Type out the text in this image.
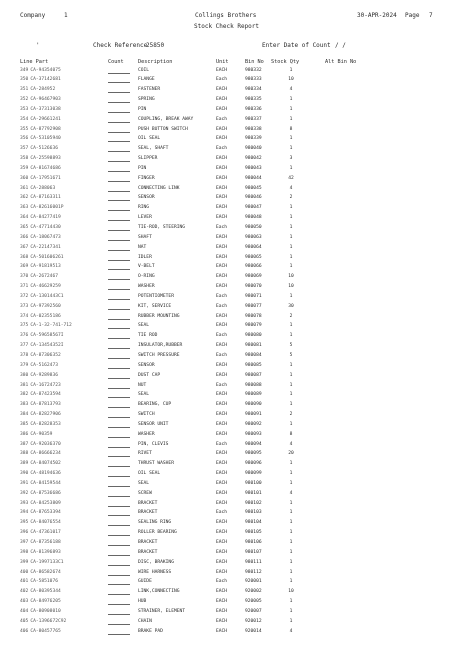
Company	1	Collings Brothers	30-APR-2024 Page 7
Stock Check Report
'	Check Reference
25850	Enter Date of Count / /
Line Part	Count	Description	Unit	Bin No Stock Qty	Alt Bin No
349 CA-94354075	COIL	EACH	980332	1
350 CA-37142681	FLANGE	Each	980333	10
351 CA-284952	FASTENER	EACH	980334	4
352 CA-96467903	SPRING	EACH	980335	1
353 CA-37313038	PIN	EACH	980336	1
354 CA-29661241	COUPLING, BREAK AWAY	Each	980337	1
355 CA-87792908	PUSH BUTTON SWITCH	EACH	980338	8
356 CA-53105940	OIL SEAL	EACH	980339	1
357 CA-5126636	SEAL, SHAFT	Each	980040	1
358 CA-25598893	SLIPPER	EACH	980042	3
359 CA-81674686	PIN	EACH	980043	1
360 CA-17951671	FINGER	EACH	980044	42
361 CA-288063	CONNECTING LINK	EACH	980045	4
362 CA-87163311	SENSOR	EACH	980046	2
363 CA-82616001P	RING	EACH	980047	1
364 CA-84277419	LEVER	EACH	980048	1
365 CA-47714430	TIE-ROD, STEERING	Each	980050	1
366 CA-18067473	SHAFT	EACH	980063	1
367 CA-22147341	NAT	EACH	980064	1
368 CA-501606261	IDLER	EACH	980065	1
369 CA-91819513	V-BELT	EACH	980066	1
370 CA-2672467	O-RING	EACH	980069	10
371 CA-46629259	WASHER	EACH	980070	10
372 CA-1301443C1	POTENTIOMETER	Each	980071	1
373 CA-97392560	KIT, SERVICE	Each	980077	30
374 CA-02355186	RUBBER MOUNTING	EACH	980078	2
375 CA-1-32-741-712	SEAL	EACH	980079	1
376 CA-59658567I	TIE ROD	Each	980080	1
377 CA-13454352I	INSULATOR,RUBBER	EACH	980081	5
378 CA-87306352	SWITCH PRESSURE	Each	980084	5
379 CA-5162473	SENSOR	EACH	980085	1
380 CA-9289836	DUST CAP	EACH	980087	1
381 CA-16724723	NUT	Each	980088	1
382 CA-87423594	SEAL	EACH	980089	1
383 CA-87813793	BEARING, CUP	EACH	980090	1
384 CA-82827906	SWITCH	EACH	980091	2
385 CA-82828353	SENSOR UNIT	EACH	980092	1
386 CA-90359	WASHER	EACH	980093	8
387 CA-92036370	PIN, CLEVIS	Each	980094	4
388 CA-86666234	RIVET	EACH	980095	20
389 CA-84074502	THRUST WASHER	EACH	980096	1
390 CA-48194636	OIL SEAL	EACH	980099	1
391 CA-84159544	SEAL	EACH	980100	1
392 CA-87536686	SCREW	EACH	980101	4
393 CA-84253809	BRACKET	EACH	980102	1
394 CA-87653394	BRACKET	Each	980103	1
395 CA-84076554	SEALING RING	EACH	980104	1
396 CA-47361017	ROLLER BEARING	EACH	980105	1
397 CA-87356188	BRACKET	EACH	980106	1
398 CA-81396893	BRACKET	EACH	980107	1
399 CA-1997133C1	DISC, BRAKING	EACH	980111	1
400 CA-86582674	WIRE HARNESS	EACH	980112	1
401 CA-5851076	GUIDE	Each	920001	1
402 CA-80395344	LINK,CONNECTING	EACH	920002	10
403 CA-84976205	HUB	EACH	920005	1
404 CA-80908010	STRAINER, ELEMENT	EACH	920007	1
405 CA-1396672C92	CHAIN	EACH	920012	1
406 CA-80457765	BRAKE PAD	EACH	920014	4
